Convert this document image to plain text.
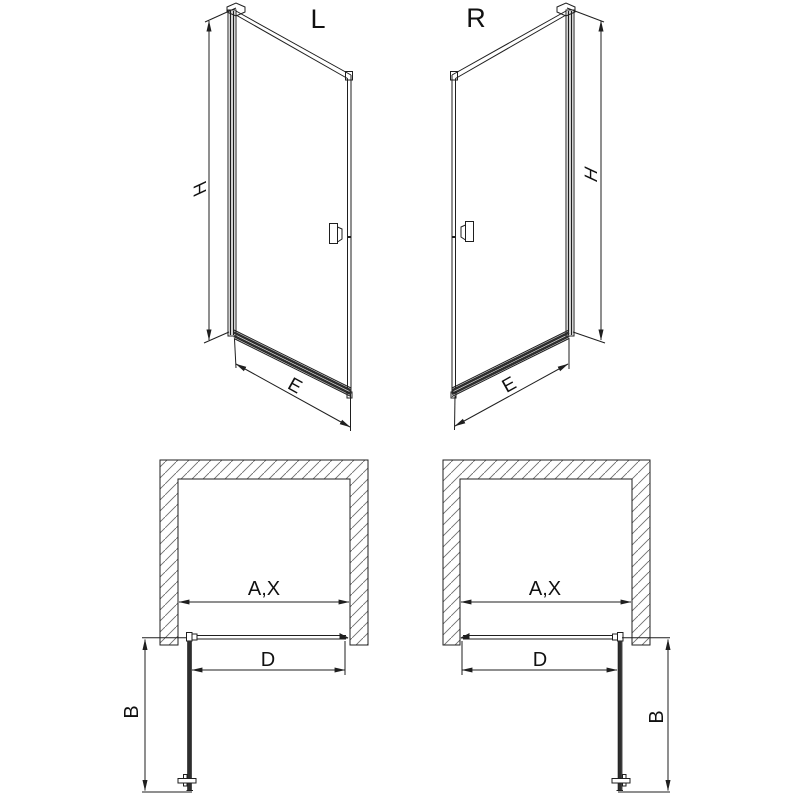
L
H
E
R
H
E
A,X
B
D
A,X
B
D
